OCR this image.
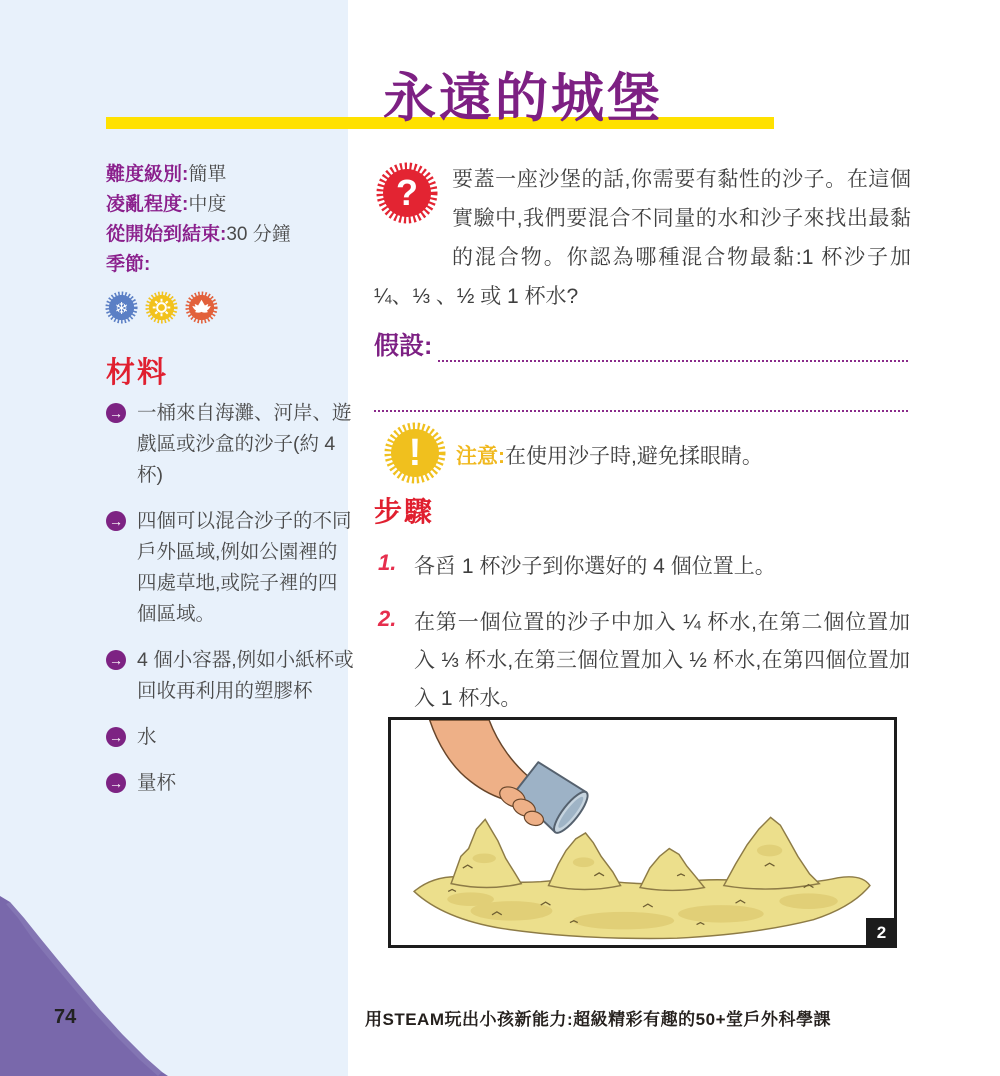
永遠的城堡
難度級別:簡單
凌亂程度:中度
從開始到結束:30 分鐘
季節:
❄
材料
→ 一桶來自海灘、河岸、遊戲區或沙盒的沙子(約 4 杯)
→ 四個可以混合沙子的不同戶外區域,例如公園裡的四處草地,或院子裡的四個區域。
→ 4 個小容器,例如小紙杯或回收再利用的塑膠杯
→ 水
→ 量杯
? 要蓋一座沙堡的話,你需要有黏性的沙子。在這個實驗中,我們要混合不同量的水和沙子來找出最黏的混合物。你認為哪種混合物最黏:1 杯沙子加 ¼、⅓ 、½ 或 1 杯水?
假設:
! 注意:在使用沙子時,避免揉眼睛。
步驟
1. 各舀 1 杯沙子到你選好的 4 個位置上。
2. 在第一個位置的沙子中加入 ¼ 杯水,在第二個位置加入 ⅓ 杯水,在第三個位置加入 ½ 杯水,在第四個位置加入 1 杯水。
2
74	用STEAM玩出小孩新能力:超級精彩有趣的50+堂戶外科學課
